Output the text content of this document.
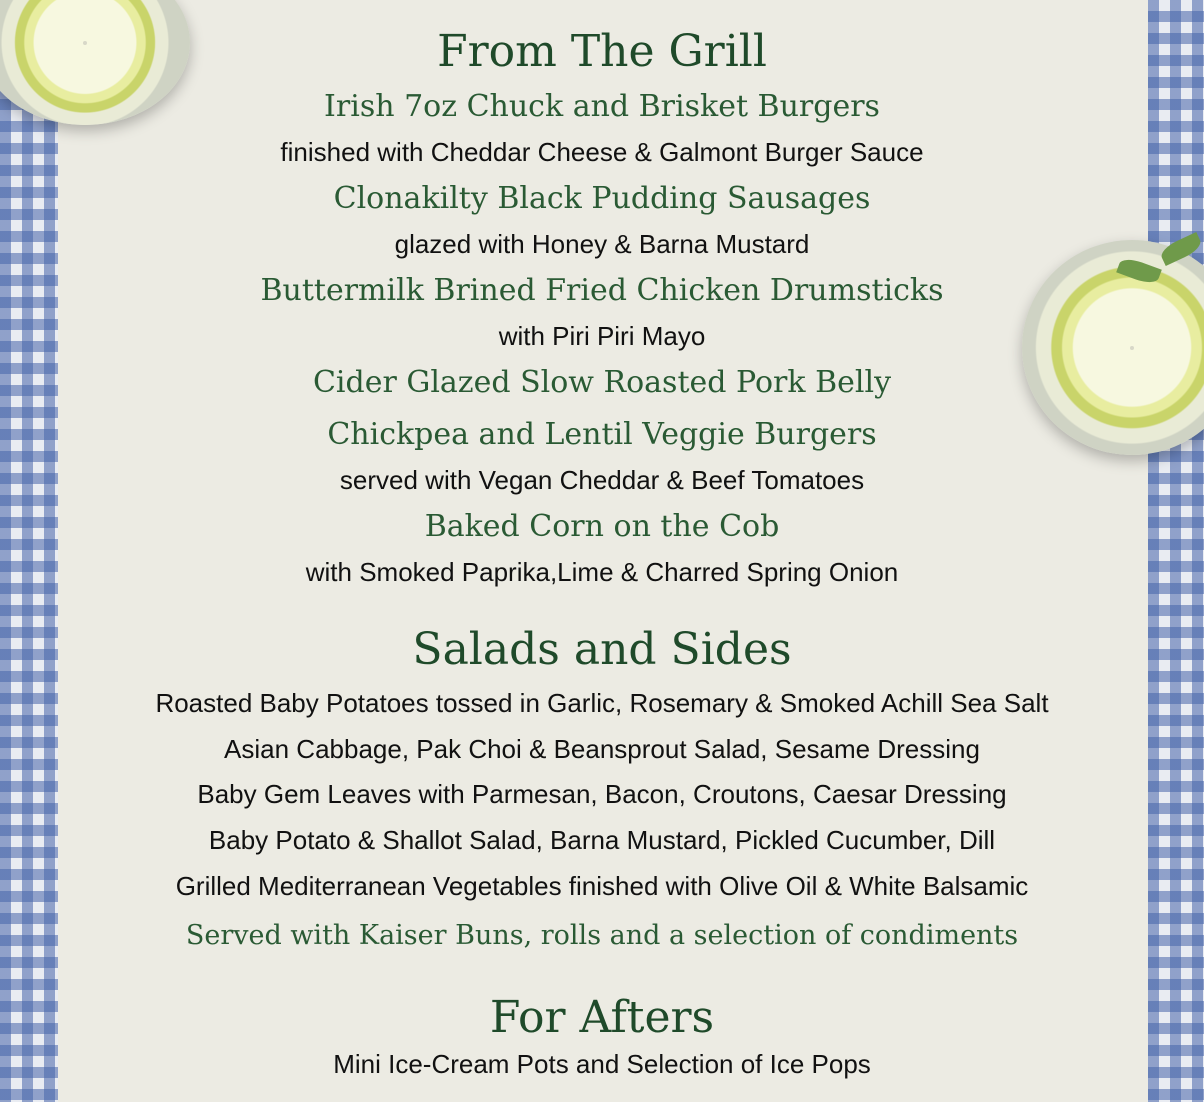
From The Grill
Irish 7oz Chuck and Brisket Burgers
finished with Cheddar Cheese & Galmont Burger Sauce
Clonakilty Black Pudding Sausages
glazed with Honey & Barna Mustard
Buttermilk Brined Fried Chicken Drumsticks
with Piri Piri Mayo
Cider Glazed Slow Roasted Pork Belly
Chickpea and Lentil Veggie Burgers
served with Vegan Cheddar & Beef Tomatoes
Baked Corn on the Cob
with Smoked Paprika,Lime & Charred Spring Onion
Salads and Sides
Roasted Baby Potatoes tossed in Garlic, Rosemary & Smoked Achill Sea Salt
Asian Cabbage, Pak Choi & Beansprout Salad, Sesame Dressing
Baby Gem Leaves with Parmesan, Bacon, Croutons, Caesar Dressing
Baby Potato & Shallot Salad, Barna Mustard, Pickled Cucumber, Dill
Grilled Mediterranean Vegetables finished with Olive Oil & White Balsamic
Served with Kaiser Buns, rolls and a selection of condiments
For Afters
Mini Ice-Cream Pots and Selection of Ice Pops
